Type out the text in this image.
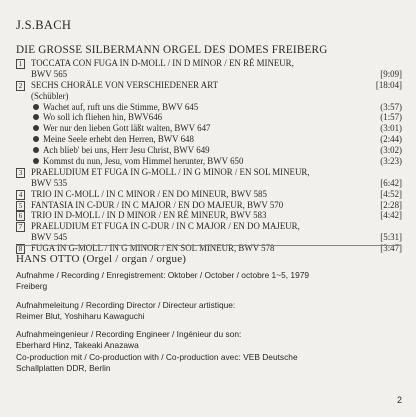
J.S.BACH
DIE GROSSE SILBERMANN ORGEL DES DOMES FREIBERG
1 TOCCATA CON FUGA IN D-MOLL / IN D MINOR / EN RÉ MINEUR,
BWV 565	[9:09]
2 SECHS CHORÄLE VON VERSCHIEDENER ART	[18:04]
(Schübler)
Wachet auf, ruft uns die Stimme, BWV 645	(3:57)
Wo soll ich fliehen hin, BWV646	(1:57)
Wer nur den lieben Gott läßt walten, BWV 647	(3:01)
Meine Seele erhebt den Herren, BWV 648	(2:44)
Ach blieb' bei uns, Herr Jesu Christ, BWV 649	(3:02)
Kommst du nun, Jesu, vom Himmel herunter, BWV 650	(3:23)
3 PRAELUDIUM ET FUGA IN G-MOLL / IN G MINOR / EN SOL MINEUR,
BWV 535	[6:42]
4 TRIO IN C-MOLL / IN C MINOR / EN DO MINEUR, BWV 585	[4:52]
5 FANTASIA IN C-DUR / IN C MAJOR / EN DO MAJEUR, BWV 570	[2:28]
6 TRIO IN D-MOLL / IN D MINOR / EN RÉ MINEUR, BWV 583	[4:42]
7 PRAELUDIUM ET FUGA IN C-DUR / IN C MAJOR / EN DO MAJEUR,
BWV 545	[5:31]
8 FUGA IN G-MOLL / IN G MINOR / EN SOL MINEUR, BWV 578	[3:47]
HANS OTTO (Orgel / organ / orgue)
Aufnahme / Recording / Enregistrement: Oktober / October / octobre 1~5, 1979
Freiberg
Aufnahmeleitung / Recording Director / Directeur artistique:
Reimer Blut, Yoshiharu Kawaguchi
Aufnahmeingenieur / Recording Engineer / Ingénieur du son:
Eberhard Hinz, Takeaki Anazawa
Co-production mit / Co-production with / Co-production avec: VEB Deutsche
Schallplatten DDR, Berlin
2
